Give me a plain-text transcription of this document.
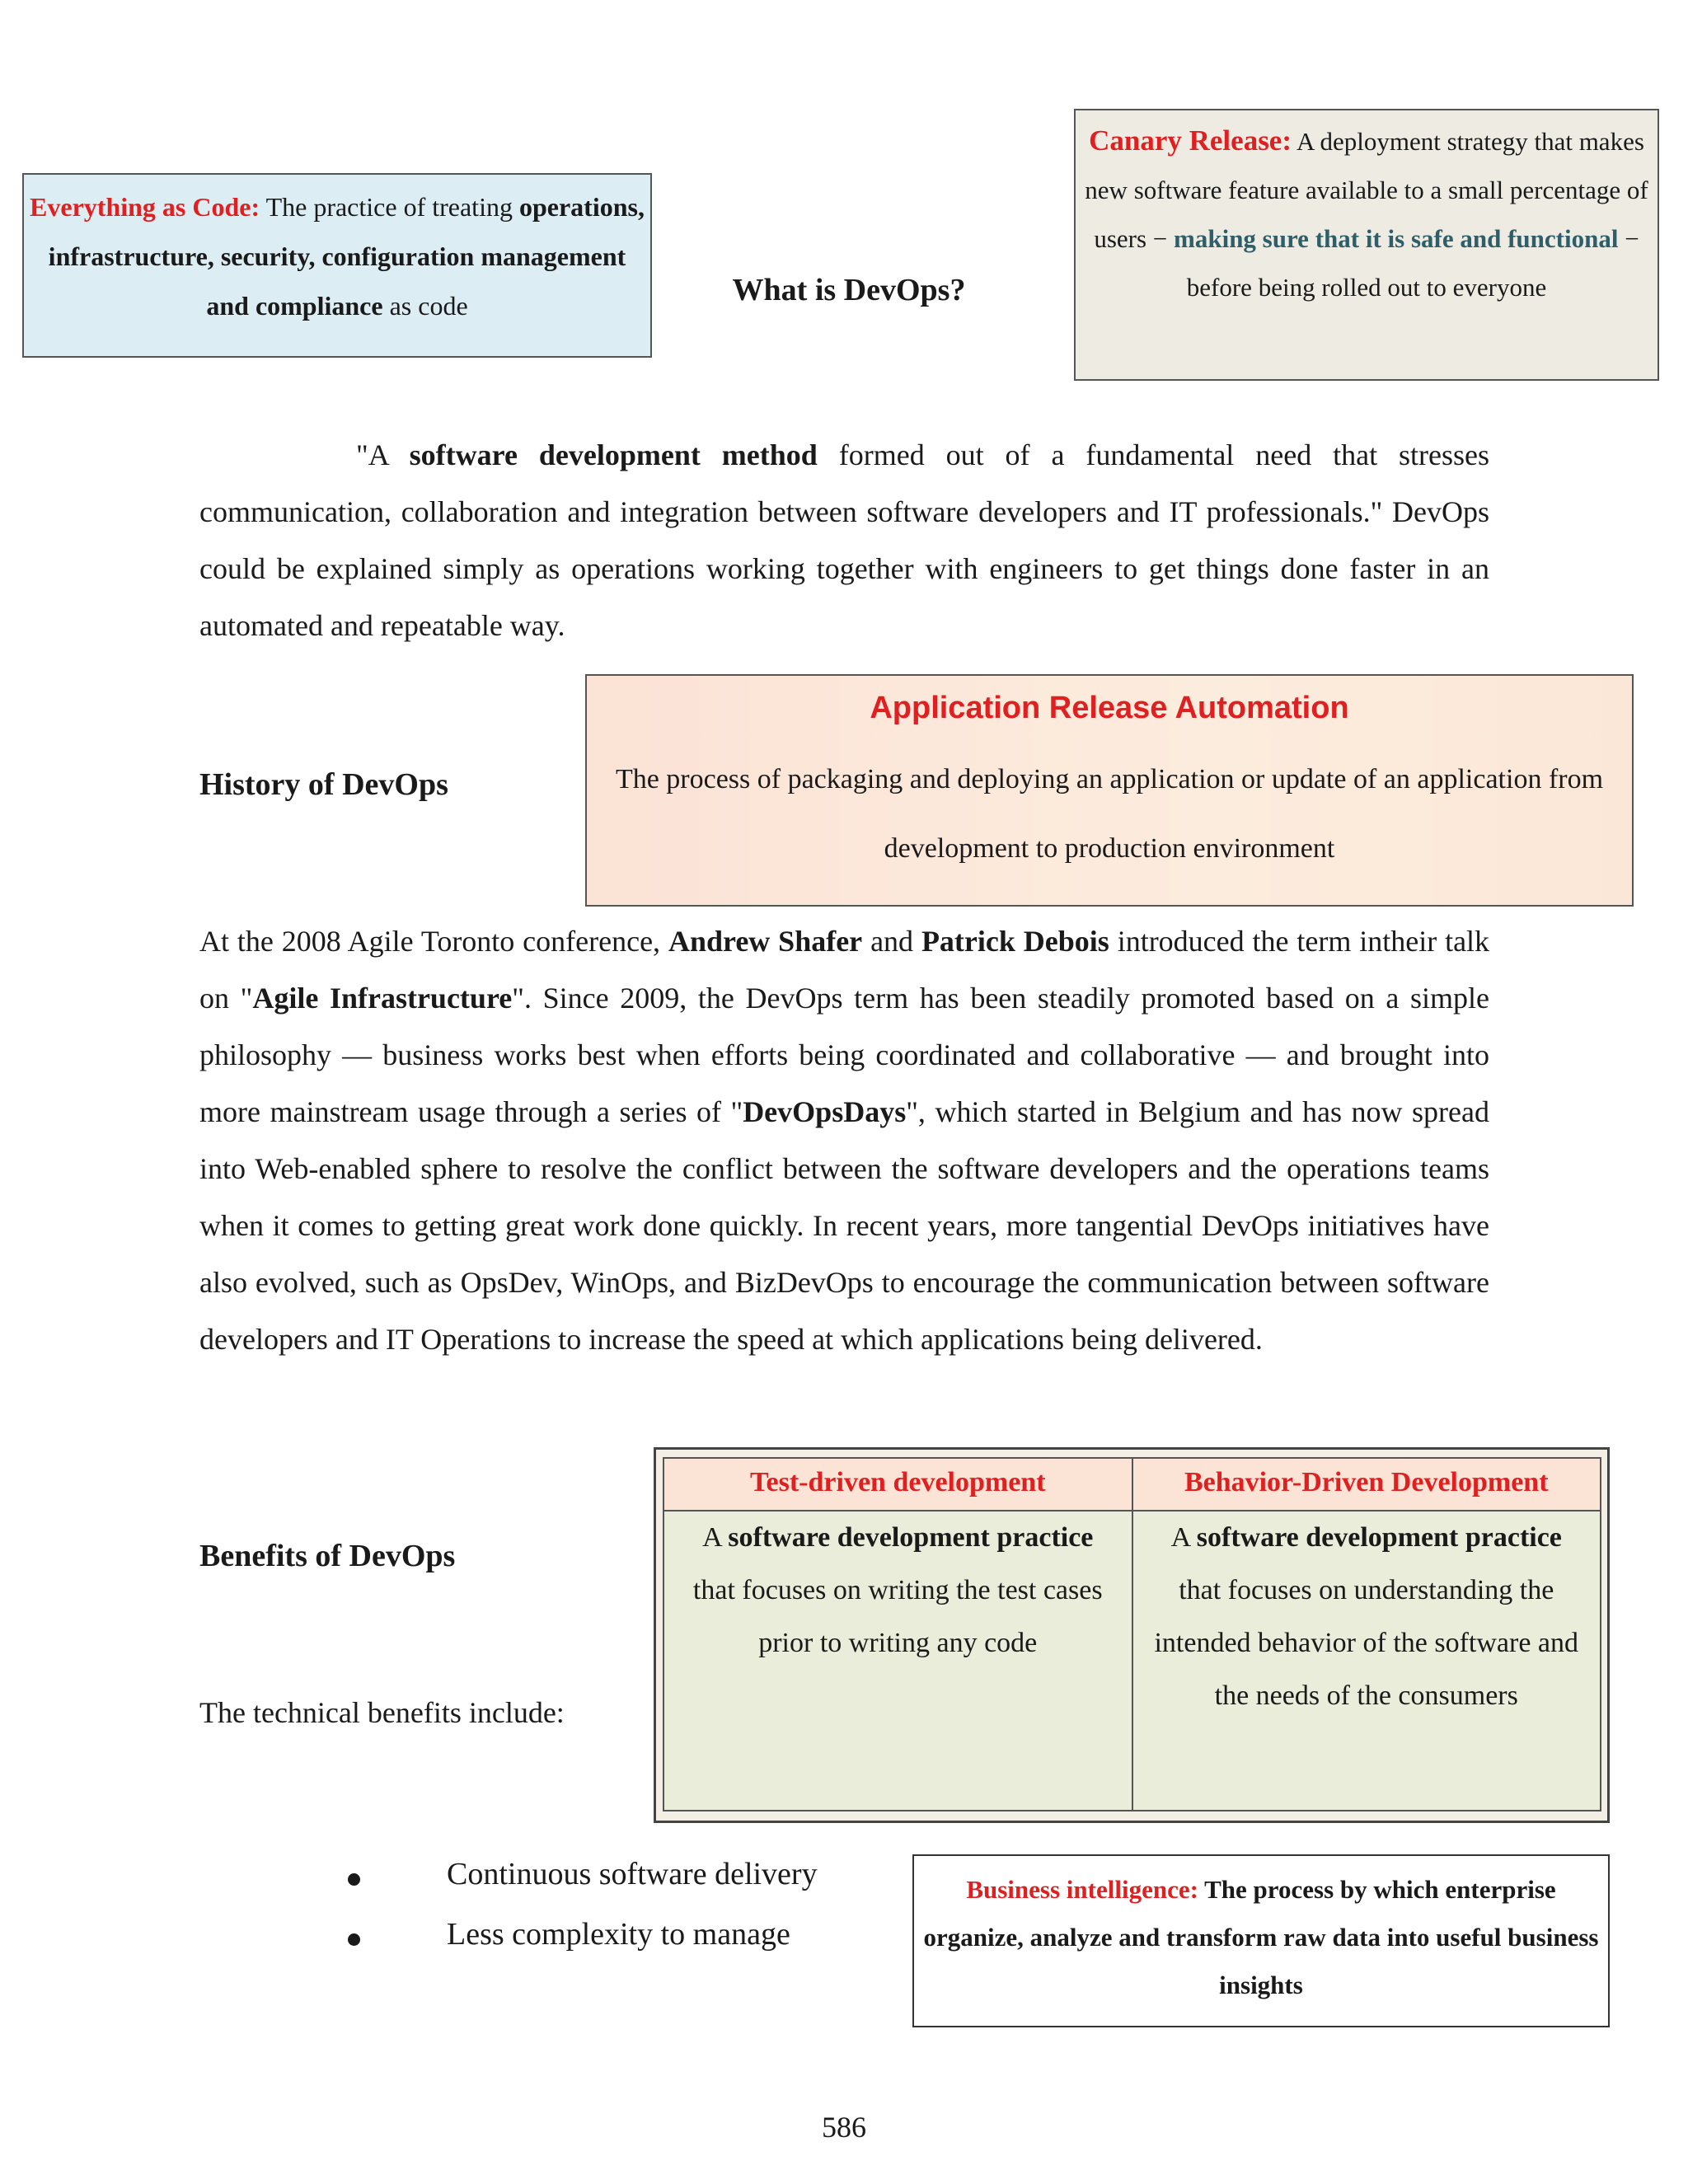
Everything as Code: The practice of treating operations, infrastructure, security, configuration management and compliance as code	What is DevOps?
Canary Release: A deployment strategy that makes new software feature available to a small percentage of users − making sure that it is safe and functional − before being rolled out to everyone
"A software development method formed out of a fundamental need that stresses communication, collaboration and integration between software developers and IT professionals." DevOps could be explained simply as operations working together with engineers to get things done faster in an automated and repeatable way.
History of DevOps
Application Release Automation
The process of packaging and deploying an application or update of an application from development to production environment
At the 2008 Agile Toronto conference, Andrew Shafer and Patrick Debois introduced the term intheir talk on "Agile Infrastructure". Since 2009, the DevOps term has been steadily promoted based on a simple philosophy — business works best when efforts being coordinated and collaborative — and brought into more mainstream usage through a series of "DevOpsDays", which started in Belgium and has now spread into Web-enabled sphere to resolve the conflict between the software developers and the operations teams when it comes to getting great work done quickly. In recent years, more tangential DevOps initiatives have also evolved, such as OpsDev, WinOps, and BizDevOps to encourage the communication between software developers and IT Operations to increase the speed at which applications being delivered.
Benefits of DevOps
Test-driven development	Behavior-Driven Development
A software development practice that focuses on writing the test cases prior to writing any code	A software development practice that focuses on understanding the intended behavior of the software and the needs of the consumers
The technical benefits include:
Continuous software delivery
Less complexity to manage
Business intelligence: The process by which enterprise organize, analyze and transform raw data into useful business insights
586
